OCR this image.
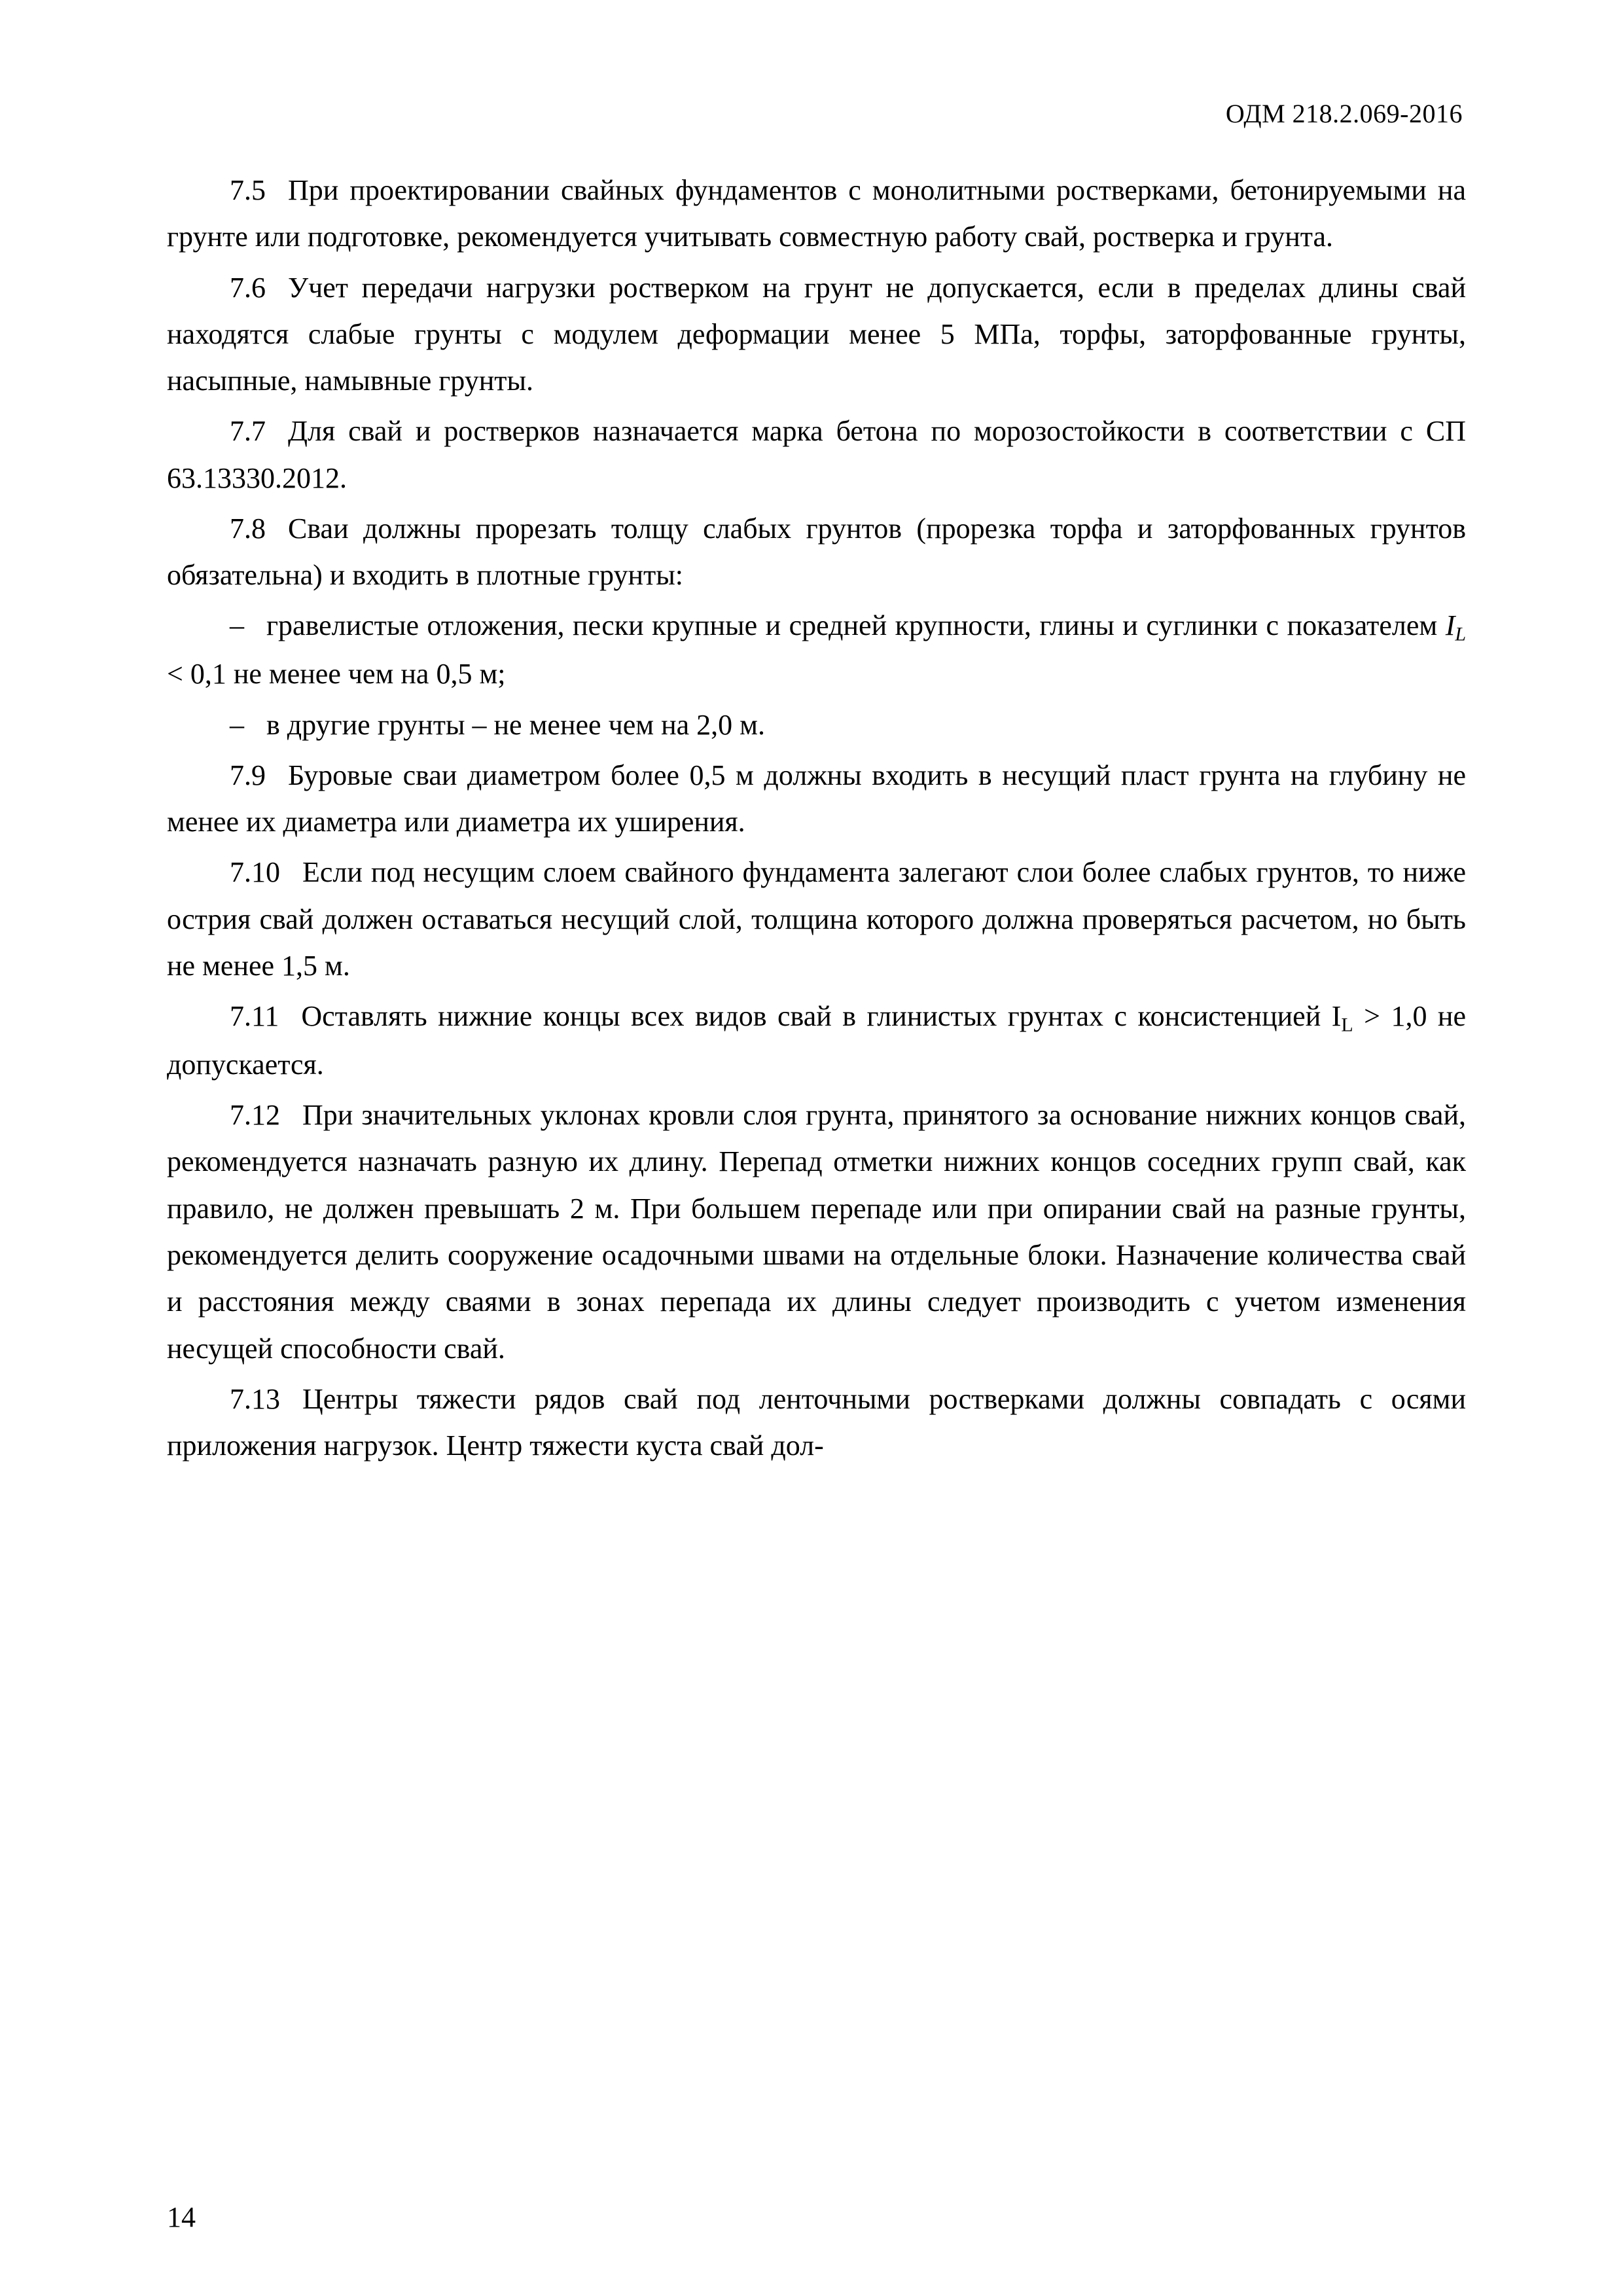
ОДМ 218.2.069-2016

7.5 При проектировании свайных фундаментов с монолитными ростверками, бетонируемыми на грунте или подготовке, рекомендуется учитывать совместную работу свай, ростверка и грунта.

7.6 Учет передачи нагрузки ростверком на грунт не допускается, если в пределах длины свай находятся слабые грунты с модулем деформации менее 5 МПа, торфы, заторфованные грунты, насыпные, намывные грунты.

7.7 Для свай и ростверков назначается марка бетона по морозостойкости в соответствии с СП 63.13330.2012.

7.8 Сваи должны прорезать толщу слабых грунтов (прорезка торфа и заторфованных грунтов обязательна) и входить в плотные грунты:

– гравелистые отложения, пески крупные и средней крупности, глины и суглинки с показателем $I_L < 0,1$ не менее чем на 0,5 м;

– в другие грунты – не менее чем на 2,0 м.

7.9 Буровые сваи диаметром более 0,5 м должны входить в несущий пласт грунта на глубину не менее их диаметра или диаметра их уширения.

7.10 Если под несущим слоем свайного фундамента залегают слои более слабых грунтов, то ниже острия свай должен оставаться несущий слой, толщина которого должна проверяться расчетом, но быть не менее 1,5 м.

7.11 Оставлять нижние концы всех видов свай в глинистых грунтах с консистенцией $I_L > 1,0$ не допускается.

7.12 При значительных уклонах кровли слоя грунта, принятого за основание нижних концов свай, рекомендуется назначать разную их длину. Перепад отметки нижних концов соседних групп свай, как правило, не должен превышать 2 м. При большем перепаде или при опирании свай на разные грунты, рекомендуется делить сооружение осадочными швами на отдельные блоки. Назначение количества свай и расстояния между сваями в зонах перепада их длины следует производить с учетом изменения несущей способности свай.

7.13 Центры тяжести рядов свай под ленточными ростверками должны совпадать с осями приложения нагрузок. Центр тяжести куста свай дол-

14
